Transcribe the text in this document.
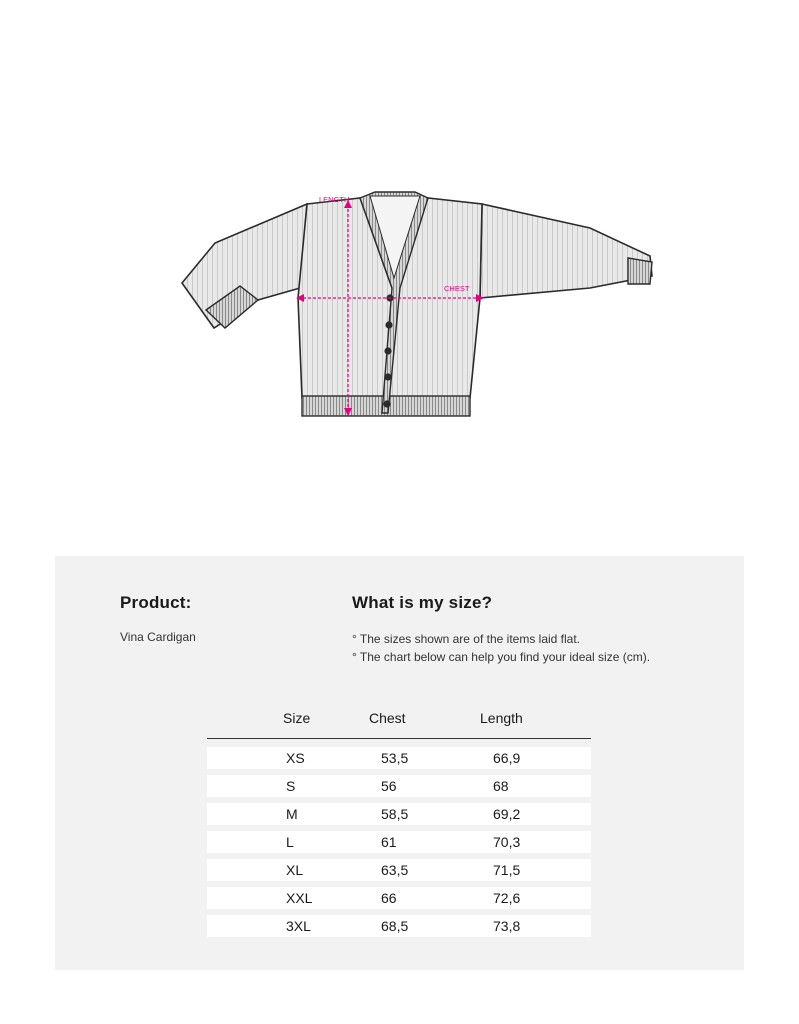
LENGTH
CHEST
Product:	What is my size?
Vina Cardigan	° The sizes shown are of the items laid flat.
° The chart below can help you find your ideal size (cm).
Size	Chest	Length
XS	53,5	66,9
S	56	68
M	58,5	69,2
L	61	70,3
XL	63,5	71,5
XXL	66	72,6
3XL	68,5	73,8
